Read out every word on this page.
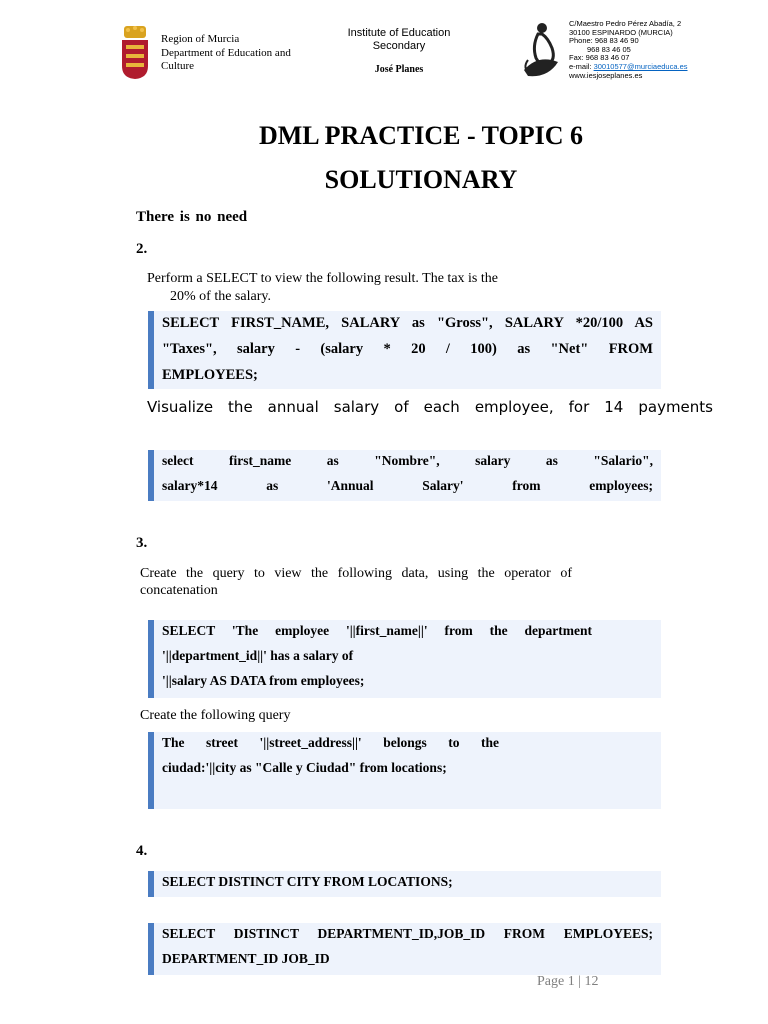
Region of Murcia
Department of Education and
Culture
Institute of Education
Secondary
José Planes
C/Maestro Pedro Pérez Abadía, 2
30100 ESPINARDO (MURCIA)
Phone: 968 83 46 90
968 83 46 05
Fax: 968 83 46 07
e-mail: 30010577@murciaeduca.es
www.iesjoseplanes.es
DML PRACTICE - TOPIC 6
SOLUTIONARY
There is no need
2.
Perform a SELECT to view the following result. The tax is the
20% of the salary.
SELECT FIRST_NAME, SALARY as "Gross", SALARY *20/100 AS
"Taxes", salary - (salary * 20 / 100) as "Net" FROM
EMPLOYEES;
Visualize the annual salary of each employee, for 14 payments
select first_name as "Nombre", salary as "Salario",
salary*14 as 'Annual Salary' from employees;
3.
Create the query to view the following data, using the operator of
concatenation
SELECT 'The employee '||first_name||' from the department
'||department_id||' has a salary of
'||salary AS DATA from employees;
Create the following query
The street '||street_address||' belongs to the
ciudad:'||city as "Calle y Ciudad" from locations;
4.
SELECT DISTINCT CITY FROM LOCATIONS;
SELECT DISTINCT DEPARTMENT_ID,JOB_ID FROM EMPLOYEES;
DEPARTMENT_ID JOB_ID
Page 1 | 12
